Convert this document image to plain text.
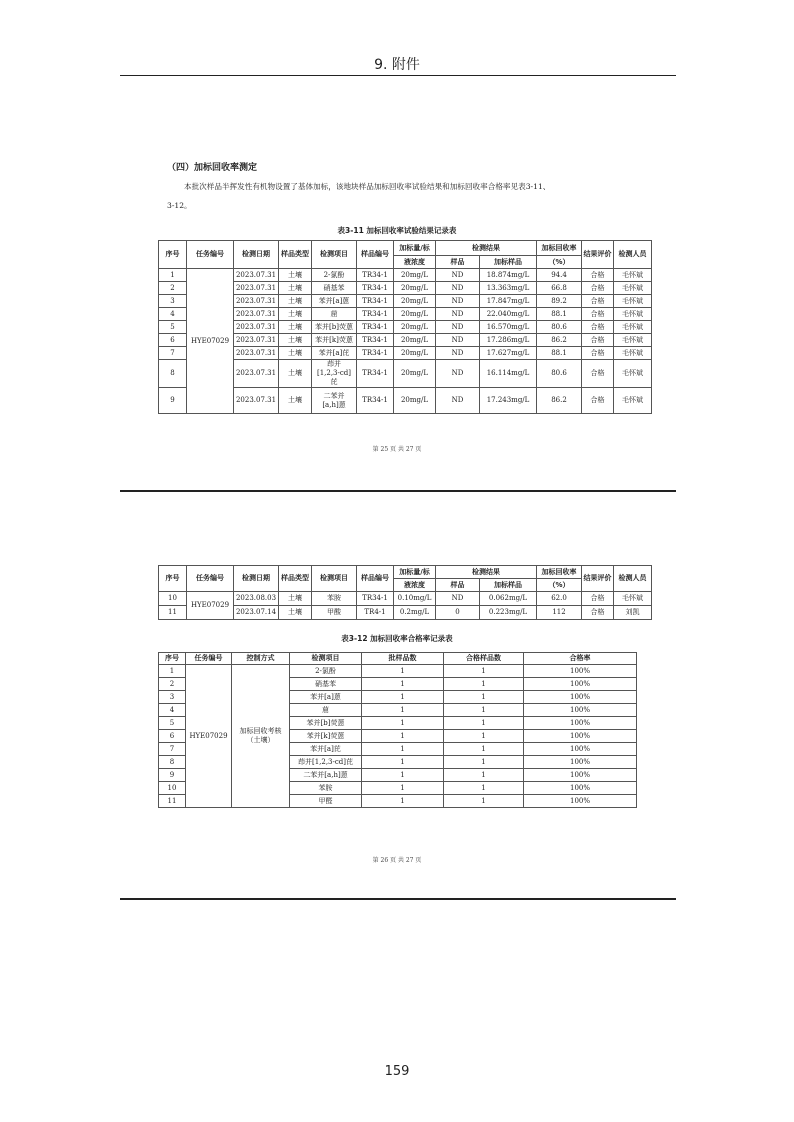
9. 附件
（四）加标回收率测定
本批次样品半挥发性有机物设置了基体加标，该地块样品加标回收率试验结果和加标回收率合格率见表3-11、
3-12。
表3-11 加标回收率试验结果记录表
序号	任务编号	检测日期	样品类型	检测项目	样品编号	加标量/标	检测结果		加标回收率	结果评价	检测人员
						液浓度	样品	加标样品	（%）		
1	HYE07029	2023.07.31	土壤	2-氯酚	TR34-1	20mg/L	ND	18.874mg/L	94.4	合格	毛怀斌
2		2023.07.31	土壤	硝基苯	TR34-1	20mg/L	ND	13.363mg/L	66.8	合格	毛怀斌
3		2023.07.31	土壤	苯并[a]蒽	TR34-1	20mg/L	ND	17.847mg/L	89.2	合格	毛怀斌
4		2023.07.31	土壤	䓛	TR34-1	20mg/L	ND	22.040mg/L	88.1	合格	毛怀斌
5		2023.07.31	土壤	苯并[b]荧蒽	TR34-1	20mg/L	ND	16.570mg/L	80.6	合格	毛怀斌
6		2023.07.31	土壤	苯并[k]荧蒽	TR34-1	20mg/L	ND	17.286mg/L	86.2	合格	毛怀斌
7		2023.07.31	土壤	苯并[a]芘	TR34-1	20mg/L	ND	17.627mg/L	88.1	合格	毛怀斌
8		2023.07.31	土壤	茚并[1,2,3-cd]芘	TR34-1	20mg/L	ND	16.114mg/L	80.6	合格	毛怀斌
9		2023.07.31	土壤	二苯并[a,h]蒽	TR34-1	20mg/L	ND	17.243mg/L	86.2	合格	毛怀斌
第 25 页 共 27 页
序号	任务编号	检测日期	样品类型	检测项目	样品编号	加标量/标	检测结果		加标回收率	结果评价	检测人员
						液浓度	样品	加标样品	（%）		
10	HYE07029	2023.08.03	土壤	苯胺	TR34-1	0.10mg/L	ND	0.062mg/L	62.0	合格	毛怀斌
11		2023.07.14	土壤	甲酸	TR4-1	0.2mg/L	0	0.223mg/L	112	合格	刘凯
表3-12 加标回收率合格率记录表
序号	任务编号	控制方式	检测项目	批样品数	合格样品数	合格率
1	HYE07029	加标回收考核（土壤）	2-氯酚	1	1	100%
2			硝基苯	1	1	100%
3			苯并[a]蒽	1	1	100%
4			䓛	1	1	100%
5			苯并[b]荧蒽	1	1	100%
6			苯并[k]荧蒽	1	1	100%
7			苯并[a]芘	1	1	100%
8			茚并[1,2,3-cd]芘	1	1	100%
9			二苯并[a,h]蒽	1	1	100%
10			苯胺	1	1	100%
11			甲醛	1	1	100%
第 26 页 共 27 页
159
